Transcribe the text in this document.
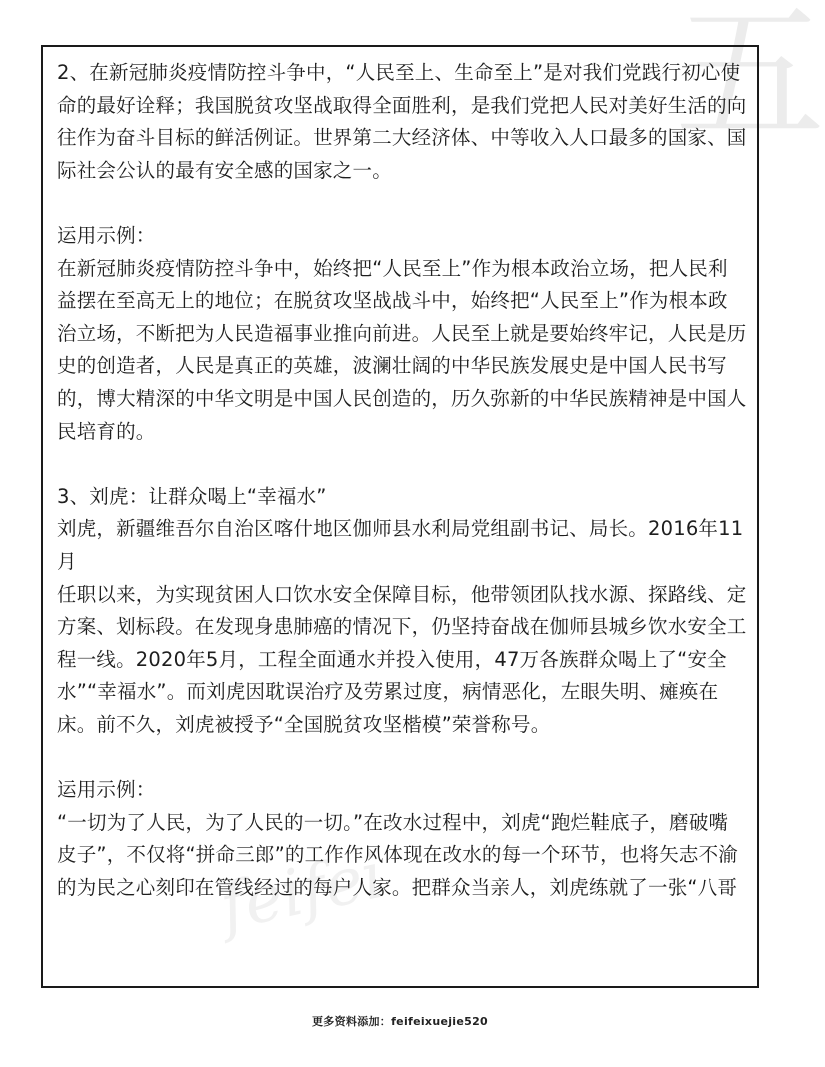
五
feifei

2、在新冠肺炎疫情防控斗争中，“人民至上、生命至上”是对我们党践行初心使

命的最好诠释；我国脱贫攻坚战取得全面胜利，是我们党把人民对美好生活的向

往作为奋斗目标的鲜活例证。世界第二大经济体、中等收入人口最多的国家、国

际社会公认的最有安全感的国家之一。

运用示例：

在新冠肺炎疫情防控斗争中，始终把“人民至上”作为根本政治立场，把人民利

益摆在至高无上的地位；在脱贫攻坚战战斗中，始终把“人民至上”作为根本政

治立场，不断把为人民造福事业推向前进。人民至上就是要始终牢记，人民是历

史的创造者，人民是真正的英雄，波澜壮阔的中华民族发展史是中国人民书写

的，博大精深的中华文明是中国人民创造的，历久弥新的中华民族精神是中国人

民培育的。

3、刘虎：让群众喝上“幸福水”

刘虎，新疆维吾尔自治区喀什地区伽师县水利局党组副书记、局长。2016年11月

任职以来，为实现贫困人口饮水安全保障目标，他带领团队找水源、探路线、定

方案、划标段。在发现身患肺癌的情况下，仍坚持奋战在伽师县城乡饮水安全工

程一线。2020年5月，工程全面通水并投入使用，47万各族群众喝上了“安全

水”“幸福水”。而刘虎因耽误治疗及劳累过度，病情恶化，左眼失明、瘫痪在

床。前不久，刘虎被授予“全国脱贫攻坚楷模”荣誉称号。

运用示例：

“一切为了人民，为了人民的一切。”在改水过程中，刘虎“跑烂鞋底子，磨破嘴

皮子”，不仅将“拼命三郎”的工作作风体现在改水的每一个环节，也将矢志不渝

的为民之心刻印在管线经过的每户人家。把群众当亲人，刘虎练就了一张“八哥

更多资料添加：feifeixuejie520
